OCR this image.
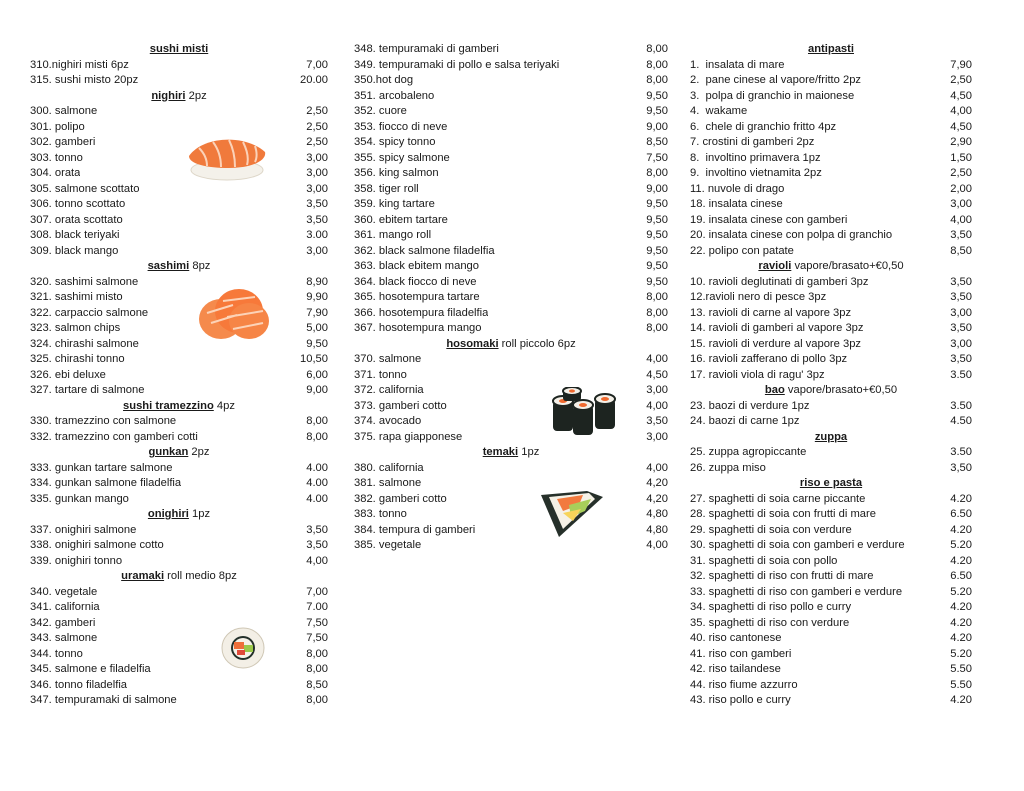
sushi misti
310.nighiri misti 6pz	7,00
315. sushi misto 20pz	20.00
nighiri 2pz
300. salmone	2,50
301. polipo	2,50
302. gamberi	2,50
303. tonno	3,00
304. orata	3,00
305. salmone scottato	3,00
306. tonno scottato	3,50
307. orata scottato	3,50
308. black teriyaki	3.00
309. black mango	3,00
sashimi 8pz
320. sashimi salmone	8,90
321. sashimi misto	9,90
322. carpaccio salmone	7,90
323. salmon chips	5,00
324. chirashi salmone	9,50
325. chirashi tonno	10,50
326. ebi deluxe	6,00
327. tartare di salmone	9,00
sushi tramezzino 4pz
330. tramezzino con salmone	8,00
332. tramezzino con gamberi cotti	8,00
gunkan 2pz
333. gunkan tartare salmone	4.00
334. gunkan salmone filadelfia	4.00
335. gunkan mango	4.00
onighiri 1pz
337. onighiri salmone	3,50
338. onighiri salmone cotto	3,50
339. onighiri tonno	4,00
uramaki roll medio 8pz
340. vegetale	7,00
341. california	7.00
342. gamberi	7,50
343. salmone	7,50
344. tonno	8,00
345. salmone e filadelfia	8,00
346. tonno filadelfia	8,50
347. tempuramaki di salmone	8,00
348. tempuramaki di gamberi	8,00
349. tempuramaki di pollo e salsa teriyaki	8,00
350.hot dog	8,00
351. arcobaleno	9,50
352. cuore	9,50
353. fiocco di neve	9,00
354. spicy tonno	8,50
355. spicy salmone	7,50
356. king salmon	8,00
358. tiger roll	9,00
359. king tartare	9,50
360. ebitem tartare	9,50
361. mango roll	9,50
362. black salmone filadelfia	9,50
363. black ebitem mango	9,50
364. black fiocco di neve	9,50
365. hosotempura tartare	8,00
366. hosotempura filadelfia	8,00
367. hosotempura mango	8,00
hosomaki roll piccolo 6pz
370. salmone	4,00
371. tonno	4,50
372. california	3,00
373. gamberi cotto	4,00
374. avocado	3,50
375. rapa giapponese	3,00
temaki 1pz
380. california	4,00
381. salmone	4,20
382. gamberi cotto	4,20
383. tonno	4,80
384. tempura di gamberi	4,80
385. vegetale	4,00
antipasti
1.  insalata di mare	7,90
2.  pane cinese al vapore/fritto 2pz	2,50
3.  polpa di granchio in maionese	4,50
4.  wakame	4,00
6.  chele di granchio fritto 4pz	4,50
7. crostini di gamberi 2pz	2,90
8.  involtino primavera 1pz	1,50
9.  involtino vietnamita 2pz	2,50
11. nuvole di drago	2,00
18. insalata cinese	3,00
19. insalata cinese con gamberi	4,00
20. insalata cinese con polpa di granchio	3,50
22. polipo con patate	8,50
ravioli vapore/brasato+€0,50
10. ravioli deglutinati di gamberi 3pz	3,50
12.ravioli nero di pesce 3pz	3,50
13. ravioli di carne al vapore 3pz	3,00
14. ravioli di gamberi al vapore 3pz	3,50
15. ravioli di verdure al vapore 3pz	3,00
16. ravioli zafferano di pollo 3pz	3,50
17. ravioli viola di ragu' 3pz	3.50
bao vapore/brasato+€0,50
23. baozi di verdure 1pz	3.50
24. baozi di carne 1pz	4.50
zuppa
25. zuppa agropiccante	3.50
26. zuppa miso	3,50
riso e pasta
27. spaghetti di soia carne piccante	4.20
28. spaghetti di soia con frutti di mare	6.50
29. spaghetti di soia con verdure	4.20
30. spaghetti di soia con gamberi e verdure	5.20
31. spaghetti di soia con pollo	4.20
32. spaghetti di riso con frutti di mare	6.50
33. spaghetti di riso con gamberi e verdure	5.20
34. spaghetti di riso pollo e curry	4.20
35. spaghetti di riso con verdure	4.20
40. riso cantonese	4.20
41. riso con gamberi	5.20
42. riso tailandese	5.50
44. riso fiume azzurro	5.50
43. riso pollo e curry	4.20
